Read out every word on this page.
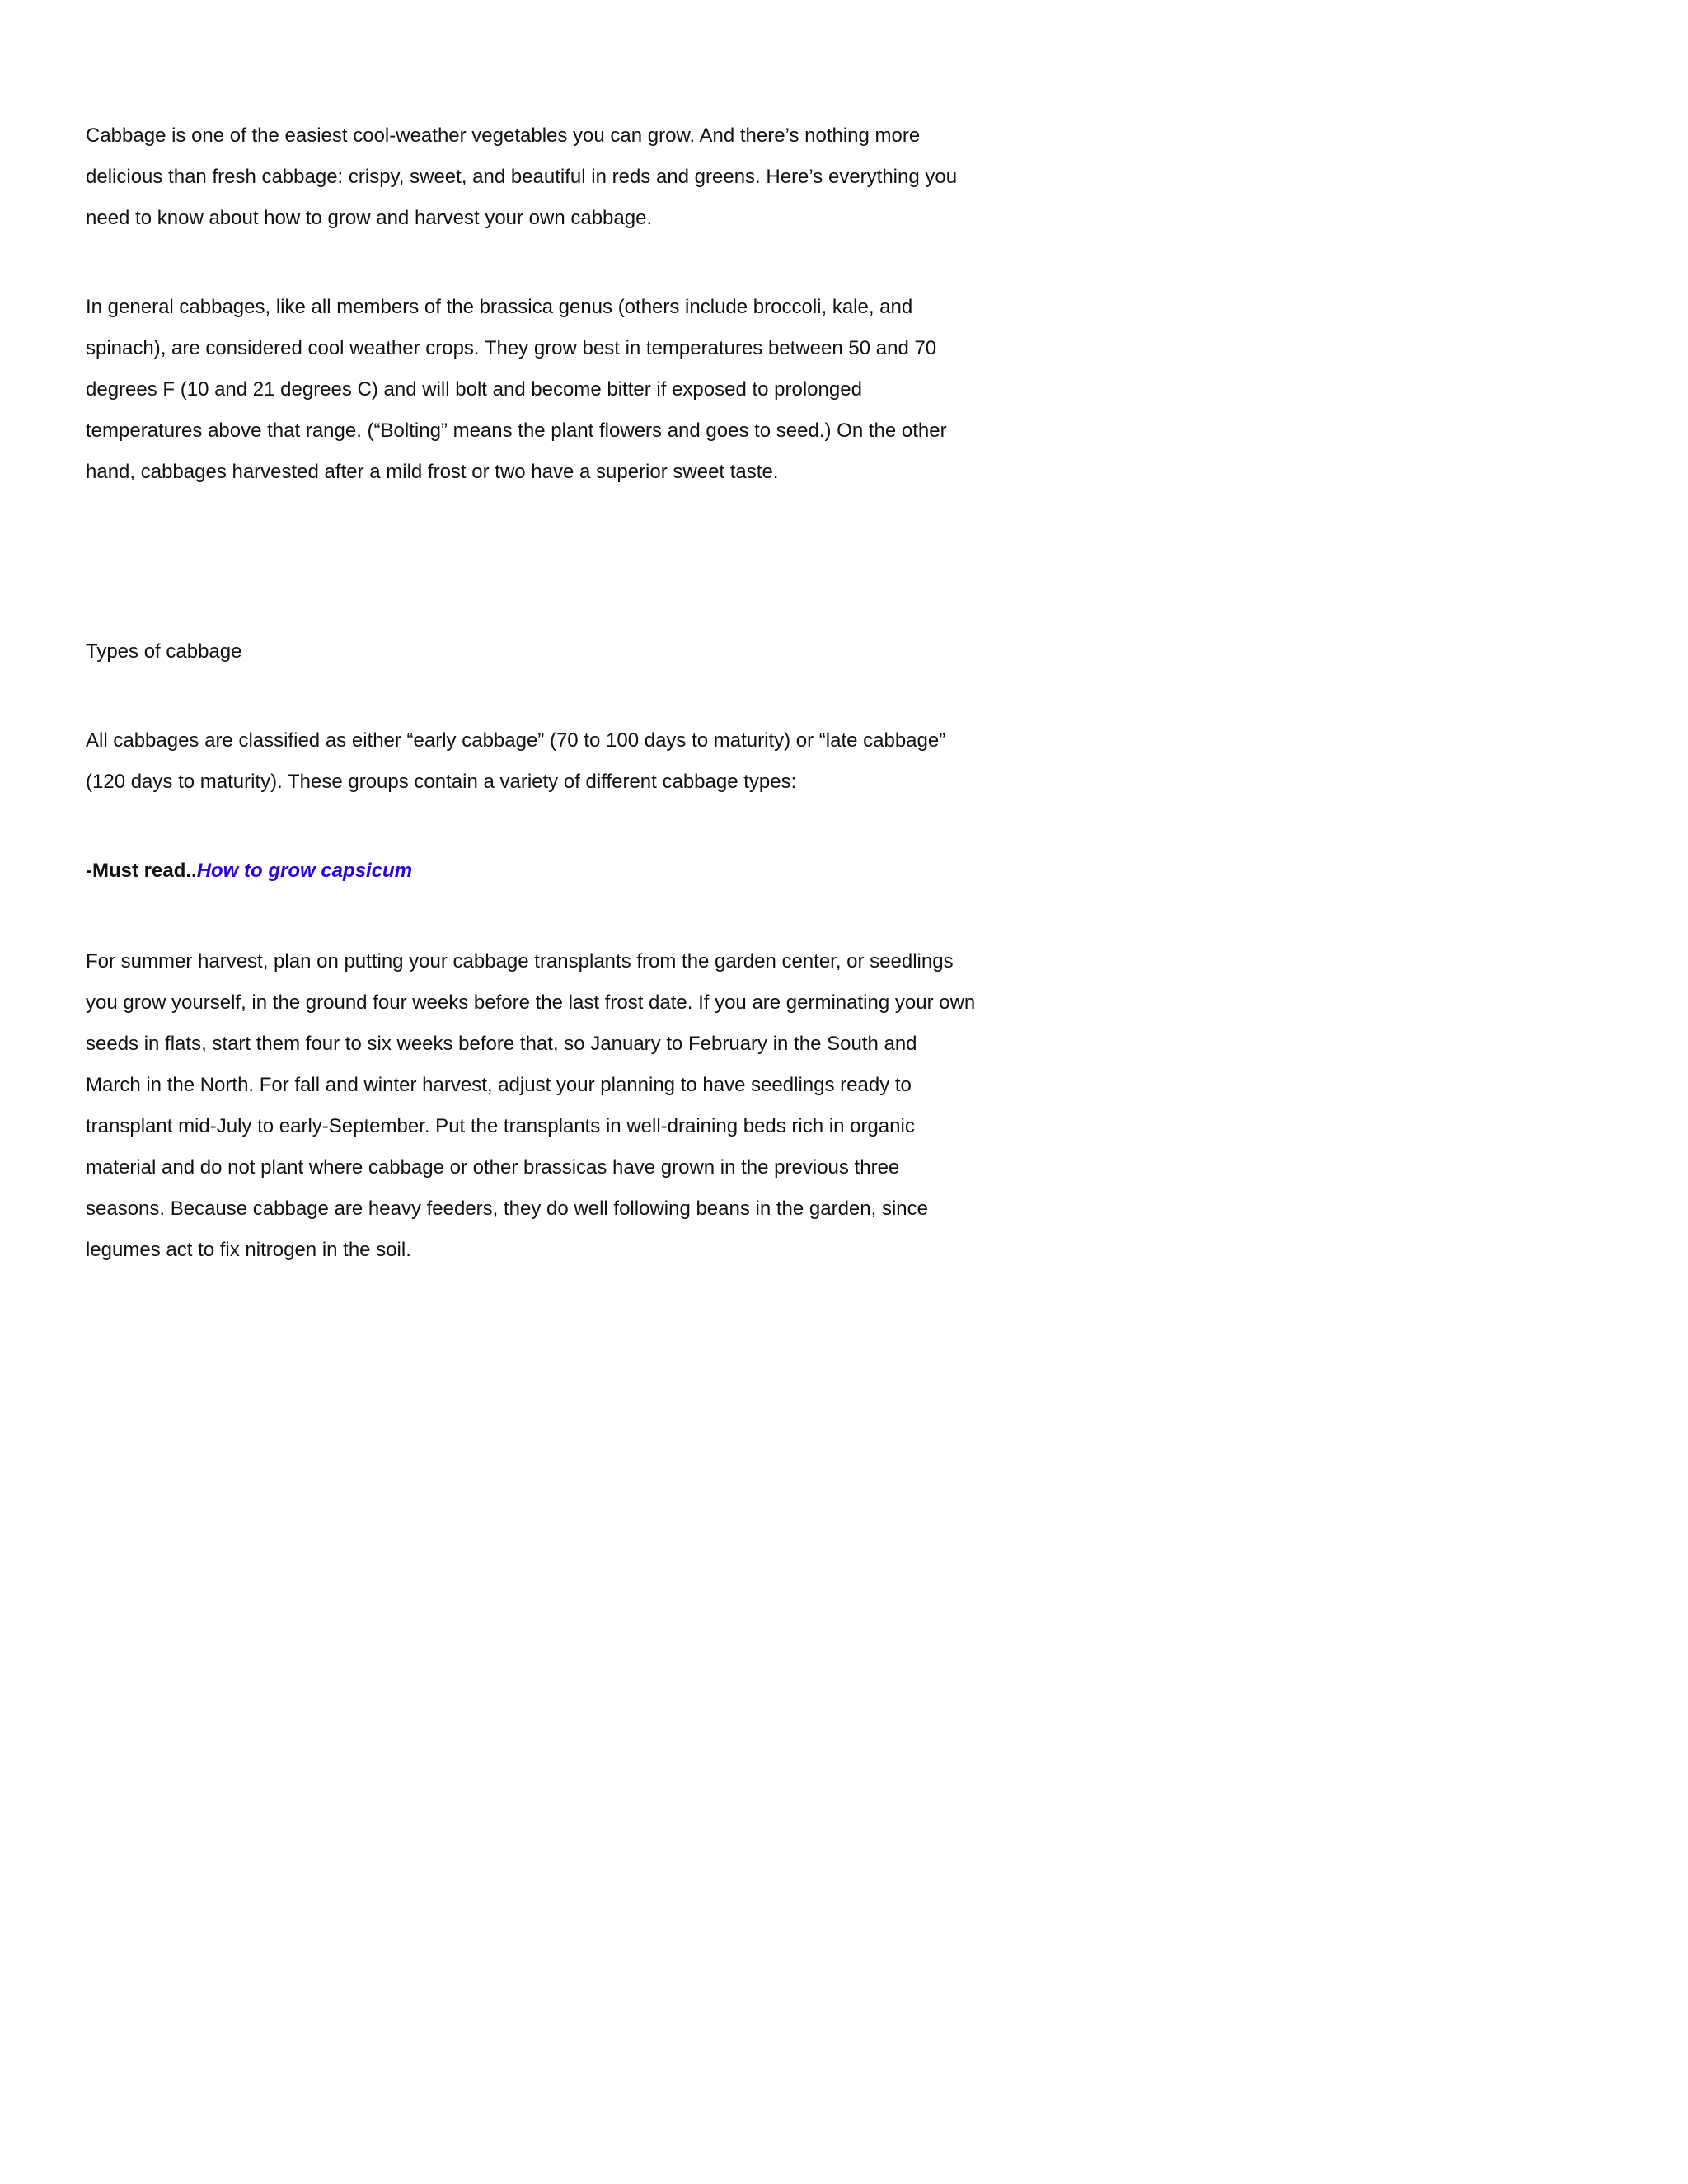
Cabbage is one of the easiest cool-weather vegetables you can grow. And there’s nothing more delicious than fresh cabbage: crispy, sweet, and beautiful in reds and greens. Here’s everything you need to know about how to grow and harvest your own cabbage.

In general cabbages, like all members of the brassica genus (others include broccoli, kale, and spinach), are considered cool weather crops. They grow best in temperatures between 50 and 70 degrees F (10 and 21 degrees C) and will bolt and become bitter if exposed to prolonged temperatures above that range. (“Bolting” means the plant flowers and goes to seed.) On the other hand, cabbages harvested after a mild frost or two have a superior sweet taste.

Types of cabbage

All cabbages are classified as either “early cabbage” (70 to 100 days to maturity) or “late cabbage” (120 days to maturity). These groups contain a variety of different cabbage types:

-Must read..How to grow capsicum

For summer harvest, plan on putting your cabbage transplants from the garden center, or seedlings you grow yourself, in the ground four weeks before the last frost date. If you are germinating your own seeds in flats, start them four to six weeks before that, so January to February in the South and March in the North. For fall and winter harvest, adjust your planning to have seedlings ready to transplant mid-July to early-September. Put the transplants in well-draining beds rich in organic material and do not plant where cabbage or other brassicas have grown in the previous three seasons. Because cabbage are heavy feeders, they do well following beans in the garden, since legumes act to fix nitrogen in the soil.
